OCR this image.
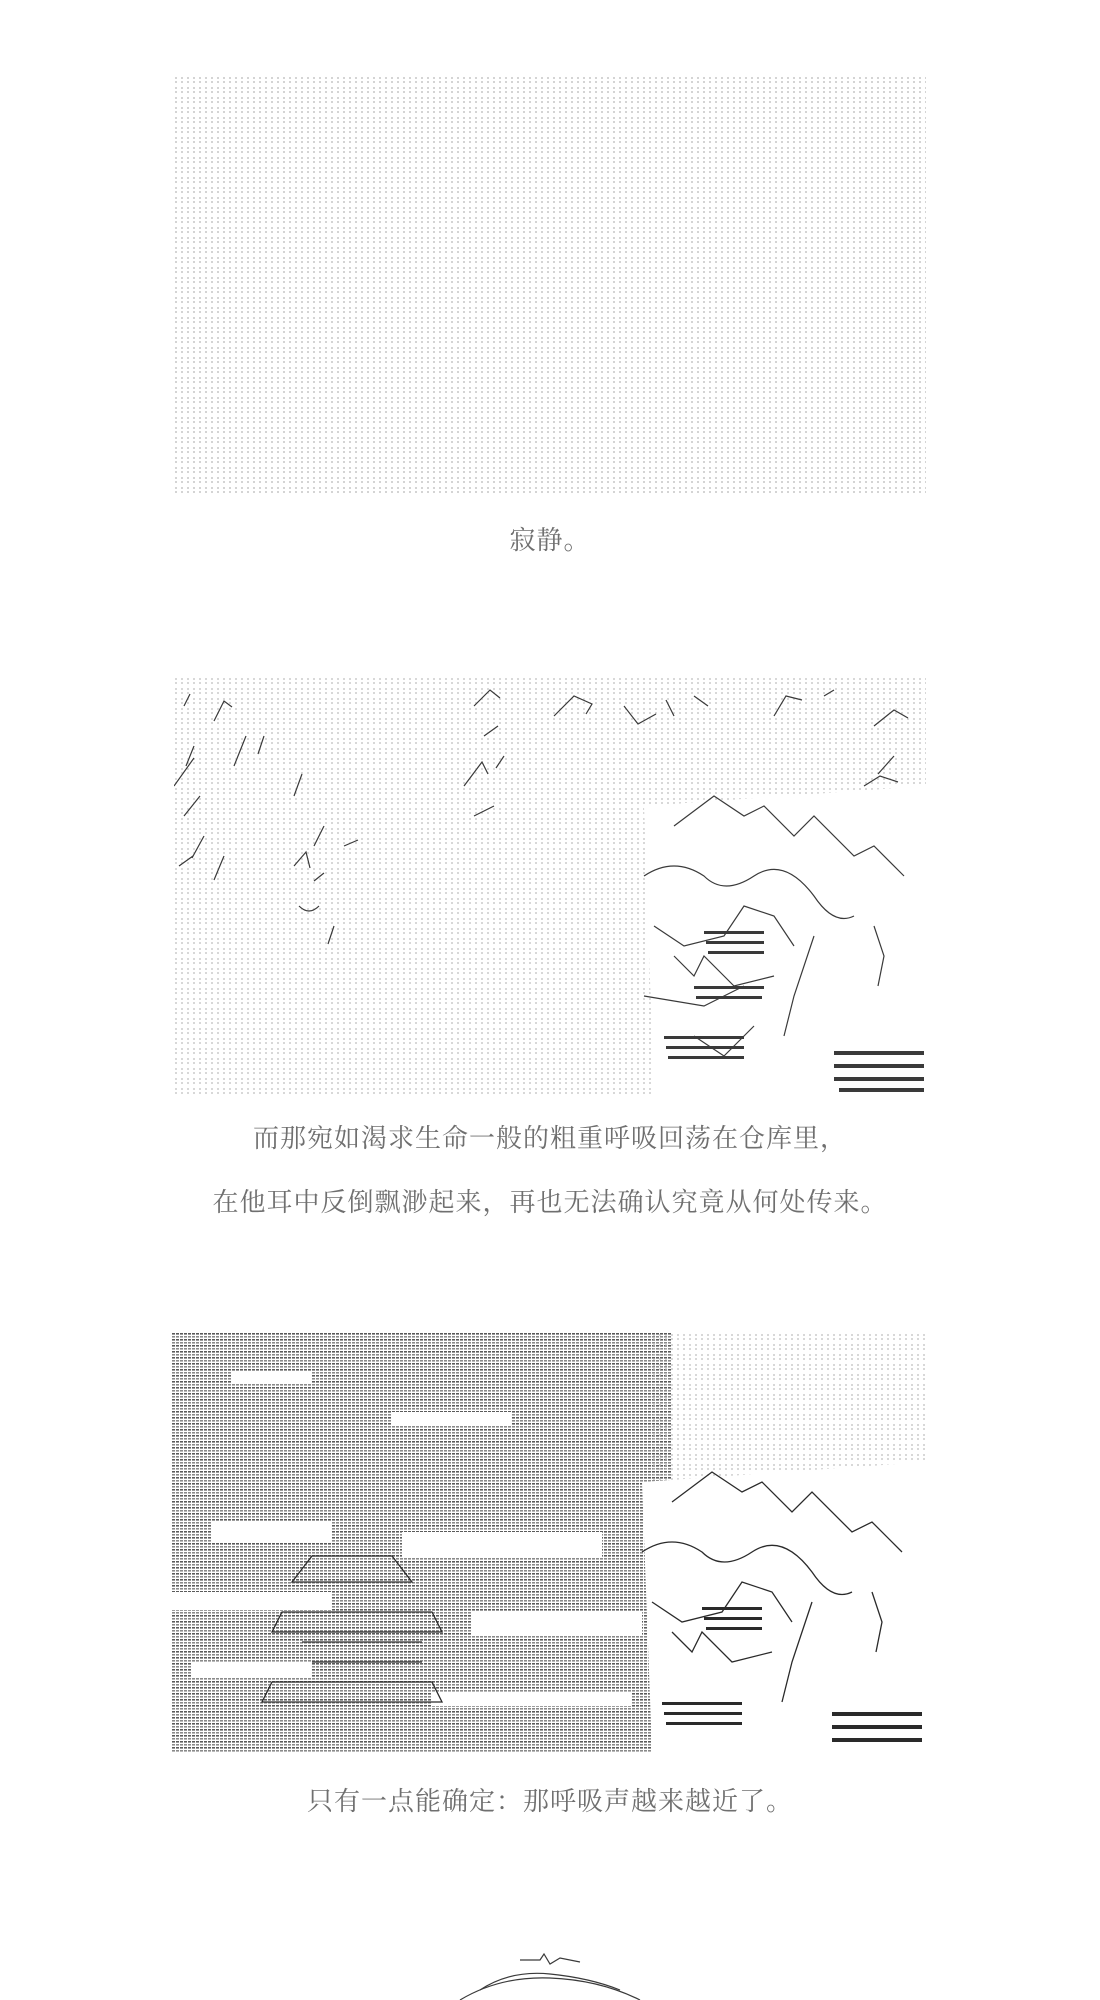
寂静。
而那宛如渴求生命一般的粗重呼吸回荡在仓库里，
在他耳中反倒飘渺起来，再也无法确认究竟从何处传来。
只有一点能确定：那呼吸声越来越近了。
